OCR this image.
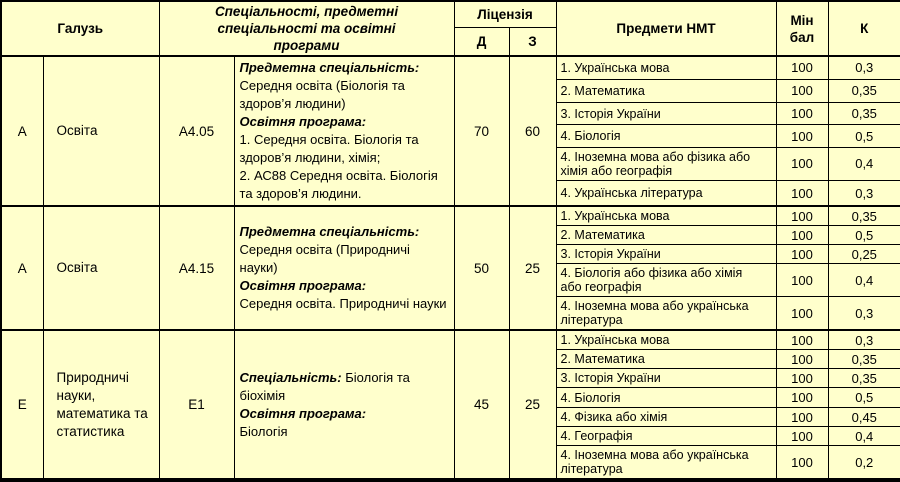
Галузь		Спеціальності, предметні спеціальності та освітні програми		Ліцензія		Предмети НМТ	Мін бал	К
				Д	З			
А	Освіта	А4.05	Предметна спеціальність:
Середня освіта (Біологія та здоров’я людини)
Освітня програма:
1. Середня освіта. Біологія та здоров’я людини, хімія;
2. АС88 Середня освіта. Біологія та здоров’я людини.	70	60	1. Українська мова	100	0,3
						2. Математика	100	0,35
						3. Історія України	100	0,35
						4. Біологія	100	0,5
						4. Іноземна мова або фізика або хімія або географія	100	0,4
						4. Українська література	100	0,3
А	Освіта	А4.15	Предметна спеціальність:
Середня освіта (Природничі науки)
Освітня програма:
Середня освіта. Природничі науки	50	25	1. Українська мова	100	0,35
						2. Математика	100	0,5
						3. Історія України	100	0,25
						4. Біологія або фізика або хімія або географія	100	0,4
						4. Іноземна мова або українська література	100	0,3
Е	Природничі науки, математика та статистика	Е1	Спеціальність: Біологія та біохімія
Освітня програма:
Біологія	45	25	1. Українська мова	100	0,3
						2. Математика	100	0,35
						3. Історія України	100	0,35
						4. Біологія	100	0,5
						4. Фізика або хімія	100	0,45
						4. Географія	100	0,4
						4. Іноземна мова або українська література	100	0,2
